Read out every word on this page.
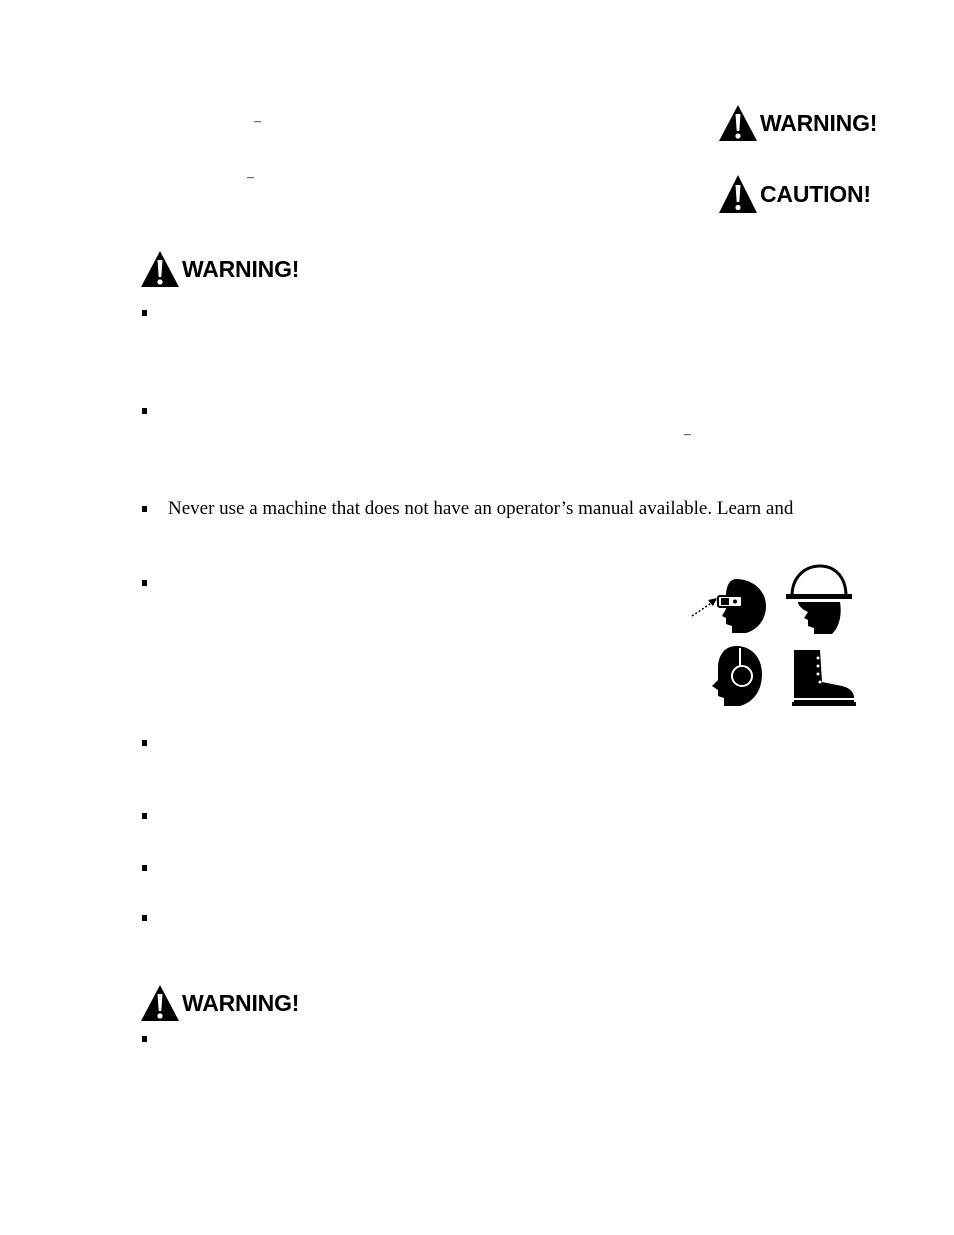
–
–
WARNING!
CAUTION!
WARNING!
–
Never use a machine that does not have an operator’s manual available. Learn and
WARNING!
